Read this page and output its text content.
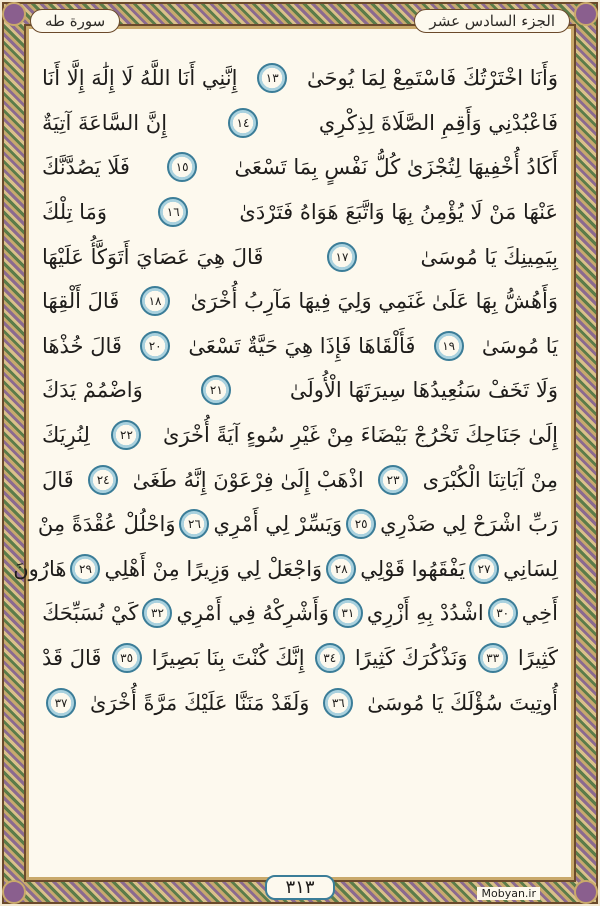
سورة طه	الجزء السادس عشر
وَأَنَا اخْتَرْتُكَ فَاسْتَمِعْ لِمَا يُوحَىٰ
١٣
إِنَّنِي أَنَا اللَّهُ لَا إِلَٰهَ إِلَّا أَنَا
فَاعْبُدْنِي وَأَقِمِ الصَّلَاةَ لِذِكْرِي
١٤
إِنَّ السَّاعَةَ آتِيَةٌ
أَكَادُ أُخْفِيهَا لِتُجْزَىٰ كُلُّ نَفْسٍ بِمَا تَسْعَىٰ
١٥
فَلَا يَصُدَّنَّكَ
عَنْهَا مَنْ لَا يُؤْمِنُ بِهَا وَاتَّبَعَ هَوَاهُ فَتَرْدَىٰ
١٦
وَمَا تِلْكَ
بِيَمِينِكَ يَا مُوسَىٰ
١٧
قَالَ هِيَ عَصَايَ أَتَوَكَّأُ عَلَيْهَا
وَأَهُشُّ بِهَا عَلَىٰ غَنَمِي وَلِيَ فِيهَا مَآرِبُ أُخْرَىٰ
١٨
قَالَ أَلْقِهَا
يَا مُوسَىٰ
١٩
فَأَلْقَاهَا فَإِذَا هِيَ حَيَّةٌ تَسْعَىٰ
٢٠
قَالَ خُذْهَا
وَلَا تَخَفْ سَنُعِيدُهَا سِيرَتَهَا الْأُولَىٰ
٢١
وَاضْمُمْ يَدَكَ
إِلَىٰ جَنَاحِكَ تَخْرُجْ بَيْضَاءَ مِنْ غَيْرِ سُوءٍ آيَةً أُخْرَىٰ
٢٢
لِنُرِيَكَ
مِنْ آيَاتِنَا الْكُبْرَى
٢٣
اذْهَبْ إِلَىٰ فِرْعَوْنَ إِنَّهُ طَغَىٰ
٢٤
قَالَ
رَبِّ اشْرَحْ لِي صَدْرِي
٢٥
وَيَسِّرْ لِي أَمْرِي
٢٦
وَاحْلُلْ عُقْدَةً مِنْ
لِسَانِي
٢٧
يَفْقَهُوا قَوْلِي
٢٨
وَاجْعَلْ لِي وَزِيرًا مِنْ أَهْلِي
٢٩
هَارُونَ
أَخِي
٣٠
اشْدُدْ بِهِ أَزْرِي
٣١
وَأَشْرِكْهُ فِي أَمْرِي
٣٢
كَيْ نُسَبِّحَكَ
كَثِيرًا
٣٣
وَنَذْكُرَكَ كَثِيرًا
٣٤
إِنَّكَ كُنْتَ بِنَا بَصِيرًا
٣٥
قَالَ قَدْ
أُوتِيتَ سُؤْلَكَ يَا مُوسَىٰ
٣٦
وَلَقَدْ مَنَنَّا عَلَيْكَ مَرَّةً أُخْرَىٰ
٣٧
٣١٣	Mobyan.ir
